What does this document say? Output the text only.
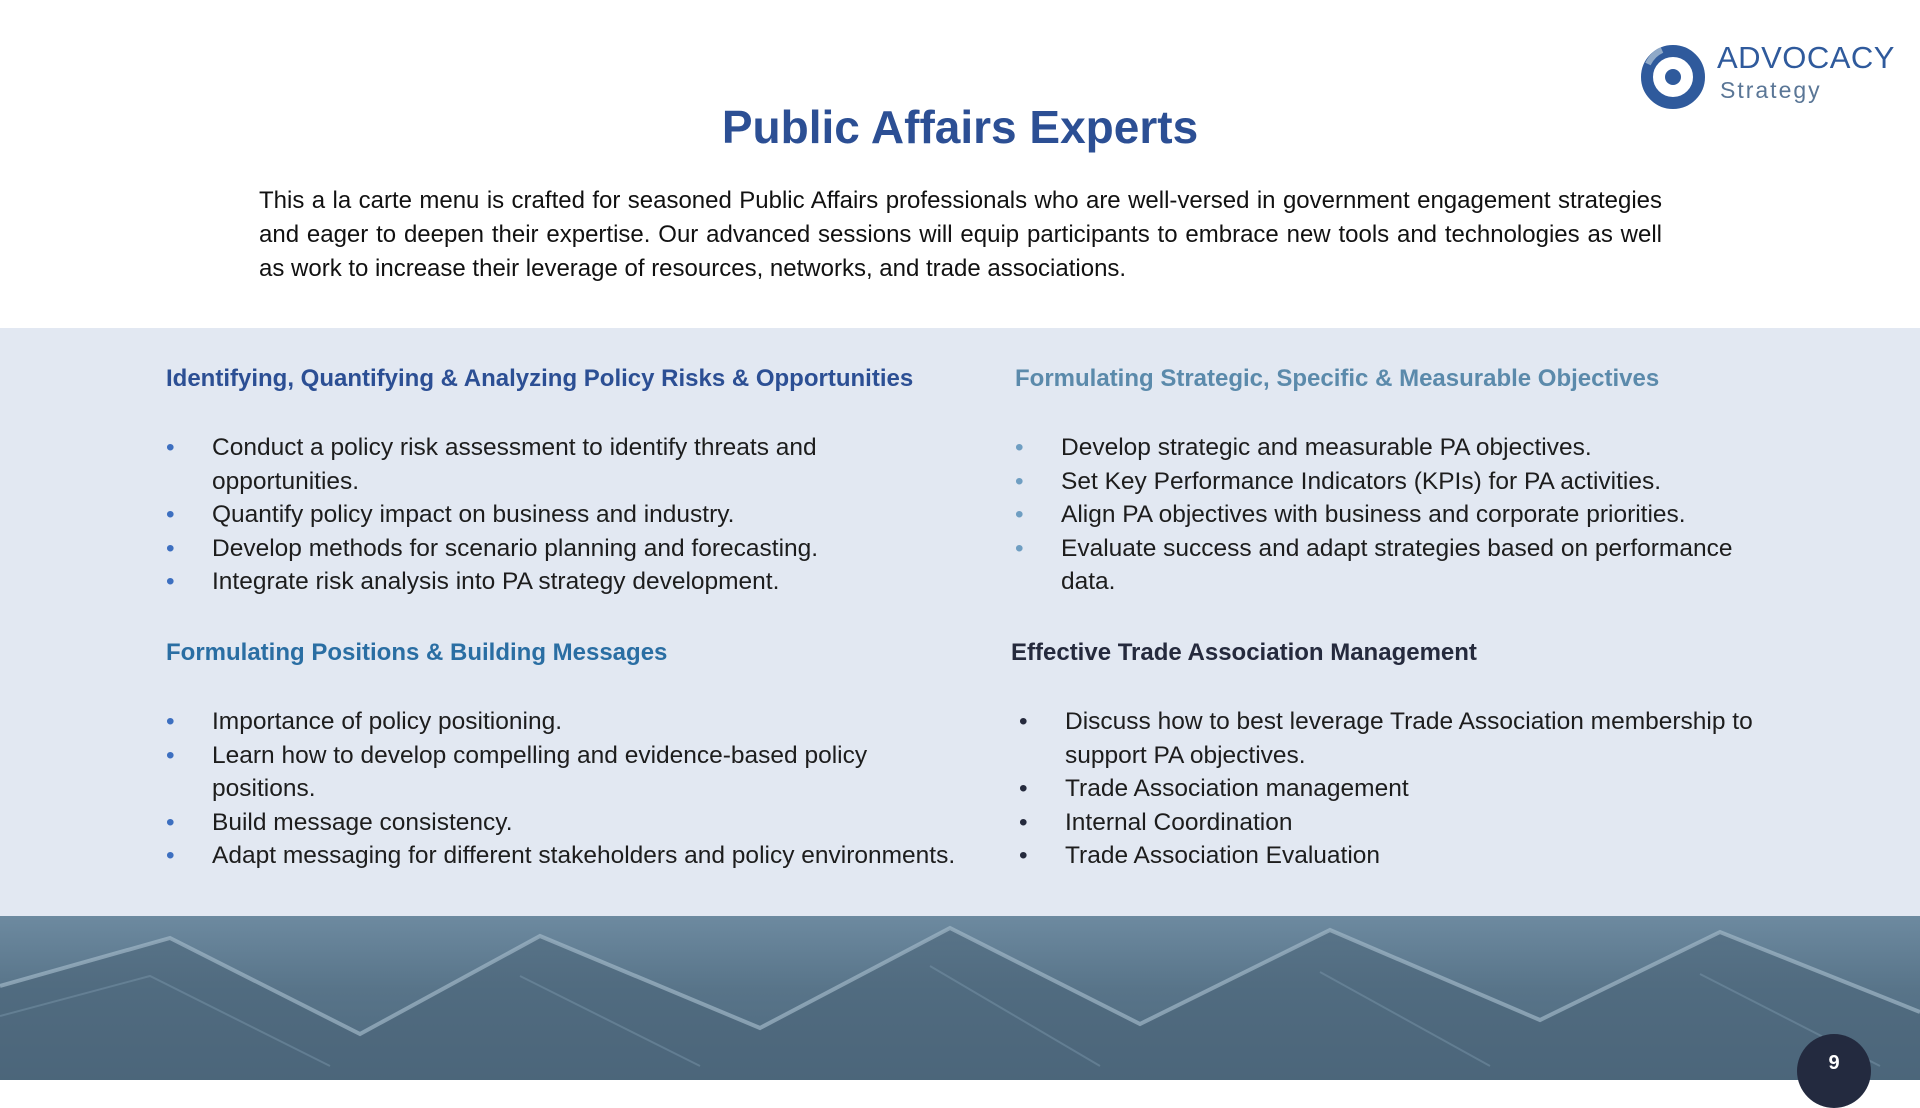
ADVOCACY
Strategy
Public Affairs Experts

This a la carte menu is crafted for seasoned Public Affairs professionals who are well-versed in government engagement strategies and eager to deepen their expertise. Our advanced sessions will equip participants to embrace new tools and technologies as well as work to increase their leverage of resources, networks, and trade associations.

Identifying, Quantifying & Analyzing Policy Risks & Opportunities
• Conduct a policy risk assessment to identify threats and opportunities.
• Quantify policy impact on business and industry.
• Develop methods for scenario planning and forecasting.
• Integrate risk analysis into PA strategy development.
Formulating Strategic, Specific & Measurable Objectives
• Develop strategic and measurable PA objectives.
• Set Key Performance Indicators (KPIs) for PA activities.
• Align PA objectives with business and corporate priorities.
• Evaluate success and adapt strategies based on performance data.
Formulating Positions & Building Messages
• Importance of policy positioning.
• Learn how to develop compelling and evidence-based policy positions.
• Build message consistency.
• Adapt messaging for different stakeholders and policy environments.
Effective Trade Association Management
• Discuss how to best leverage Trade Association membership to support PA objectives.
• Trade Association management
• Internal Coordination
• Trade Association Evaluation
9
